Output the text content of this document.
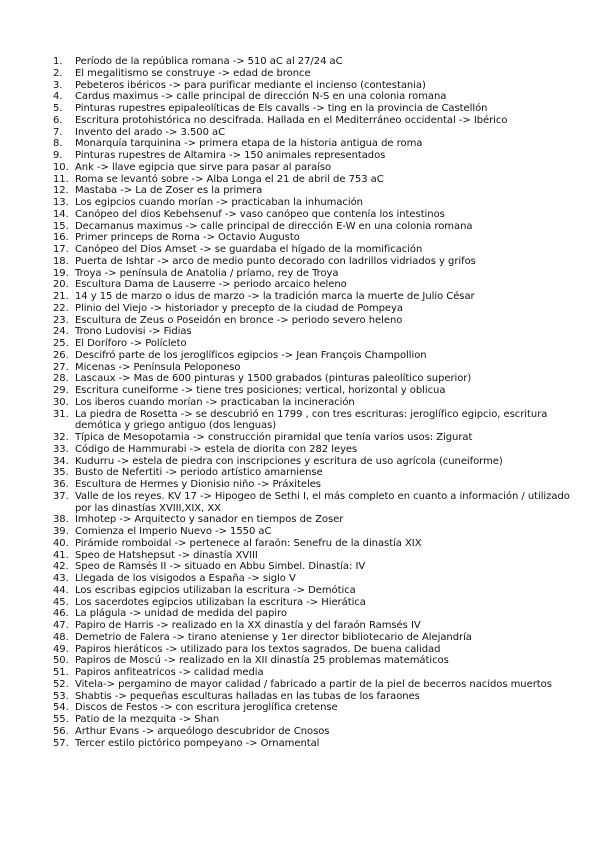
1.	Período de la república romana -> 510 aC al 27/24 aC
2.	El megalitismo se construye -> edad de bronce
3.	Pebeteros ibéricos -> para purificar mediante el incienso (contestania)
4.	Cardus maximus -> calle principal de dirección N-S en una colonia romana
5.	Pinturas rupestres epipaleolíticas de Els cavalls -> ting en la provincia de Castellón
6.	Escritura protohistórica no descifrada. Hallada en el Mediterráneo occidental -> Ibérico
7.	Invento del arado -> 3.500 aC
8.	Monarquía tarquinina -> primera etapa de la historia antigua de roma
9.	Pinturas rupestres de Altamira -> 150 animales representados
10. Ank -> llave egipcia que sirve para pasar al paraíso
11. Roma se levantó sobre -> Alba Longa el 21 de abril de 753 aC
12. Mastaba -> La de Zoser es la primera
13. Los egipcios cuando morían -> practicaban la inhumación
14. Canópeo del dios Kebehsenuf -> vaso canópeo que contenía los intestinos
15. Decamanus maximus -> calle principal de dirección E-W en una colonia romana
16. Primer princeps de Roma -> Octavio Augusto
17. Canópeo del Dios Amset -> se guardaba el hígado de la momificación
18. Puerta de Ishtar -> arco de medio punto decorado con ladrillos vidriados y grifos
19. Troya -> península de Anatolia / príamo, rey de Troya
20. Escultura Dama de Lauserre -> periodo arcaico heleno
21. 14 y 15 de marzo o idus de marzo -> la tradición marca la muerte de Julio César
22. Plinio del Viejo -> historiador y precepto de la ciudad de Pompeya
23. Escultura de Zeus o Poseidón en bronce -> periodo severo heleno
24. Trono Ludovisi -> Fidias
25. El Doríforo -> Polícleto
26. Descifró parte de los jeroglíficos egipcios -> Jean François Champollion
27. Micenas -> Península Peloponeso
28. Lascaux -> Mas de 600 pinturas y 1500 grabados (pinturas paleolítico superior)
29. Escritura cuneiforme -> tiene tres posiciones; vertical, horizontal y oblicua
30. Los iberos cuando morían -> practicaban la incineración
31. La piedra de Rosetta -> se descubrió en 1799 , con tres escrituras: jeroglífico egipcio, escritura demótica y griego antiguo (dos lenguas)
32. Típica de Mesopotamia -> construcción piramidal que tenía varios usos: Zigurat
33. Código de Hammurabi -> estela de diorita con 282 leyes
34. Kudurru -> estela de piedra con inscripciones y escritura de uso agrícola (cuneiforme)
35. Busto de Nefertiti -> periodo artístico amarniense
36. Escultura de Hermes y Dionisio niño -> Práxiteles
37. Valle de los reyes. KV 17 -> Hipogeo de Sethi I, el más completo en cuanto a información / utilizado por las dinastías XVIII,XIX, XX
38. Imhotep -> Arquitecto y sanador en tiempos de Zoser
39. Comienza el Imperio Nuevo -> 1550 aC
40. Pirámide romboidal -> pertenece al faraón: Senefru de la dinastía XIX
41. Speo de Hatshepsut -> dinastía XVIII
42. Speo de Ramsés II -> situado en Abbu Simbel. Dinastía: IV
43. Llegada de los visigodos a España -> siglo V
44. Los escribas egipcios utilizaban la escritura -> Demótica
45. Los sacerdotes egipcios utilizaban la escritura -> Hierática
46. La plágula -> unidad de medida del papiro
47. Papiro de Harris -> realizado en la XX dinastía y del faraón Ramsés IV
48. Demetrio de Falera -> tirano ateniense y 1er director bibliotecario de Alejandría
49. Papiros hieráticos -> utilizado para los textos sagrados. De buena calidad
50. Papiros de Moscú -> realizado en la XII dinastía 25 problemas matemáticos
51. Papiros anfiteatricos -> calidad media
52. Vitela-> pergamino de mayor calidad / fabricado a partir de la piel de becerros nacidos muertos
53. Shabtis -> pequeñas esculturas halladas en las tubas de los faraones
54. Discos de Festos -> con escritura jeroglífica cretense
55. Patio de la mezquita -> Shan
56. Arthur Evans -> arqueólogo descubridor de Cnosos
57. Tercer estilo pictórico pompeyano -> Ornamental
